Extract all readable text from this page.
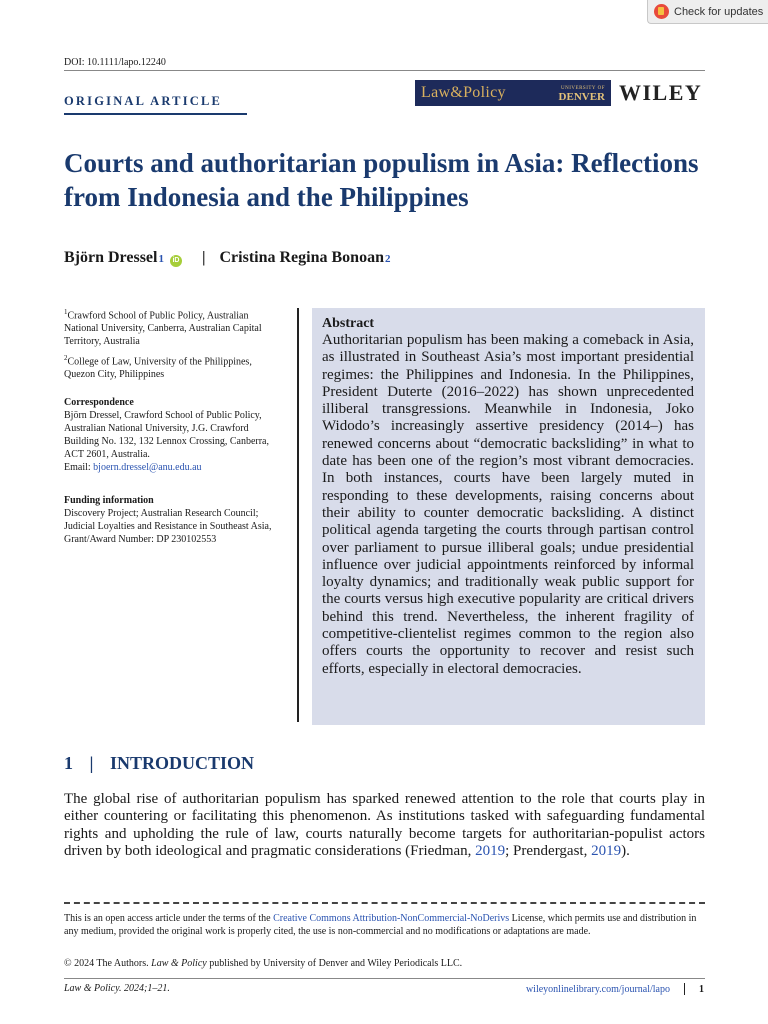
Check for updates
DOI: 10.1111/lapo.12240
ORIGINAL ARTICLE	Law&Policy	UNIVERSITY OF
DENVER WILEY
Courts and authoritarian populism in Asia: Reflections from Indonesia and the Philippines
Björn Dressel 1	iD | Cristina Regina Bonoan 2
$^1$Crawford School of Public Policy, Australian National University, Canberra, Australian Capital Territory, Australia
$^2$College of Law, University of the Philippines, Quezon City, Philippines
Correspondence
Björn Dressel, Crawford School of Public Policy, Australian National University, J.G. Crawford Building No. 132, 132 Lennox Crossing, Canberra, ACT 2601, Australia.
Email: bjoern.dressel@anu.edu.au
Funding information
Discovery Project; Australian Research Council; Judicial Loyalties and Resistance in Southeast Asia, Grant/Award Number: DP 230102553
Abstract
Authoritarian populism has been making a comeback in Asia, as illustrated in Southeast Asia’s most important presidential regimes: the Philippines and Indonesia. In the Philippines, President Duterte (2016–2022) has shown unprecedented illiberal transgressions. Meanwhile in Indonesia, Joko Widodo’s increasingly assertive presidency (2014–) has renewed concerns about “democratic backsliding” in what to date has been one of the region’s most vibrant democracies. In both instances, courts have been largely muted in responding to these developments, raising concerns about their ability to counter democratic backsliding. A distinct political agenda targeting the courts through partisan control over parliament to pursue illiberal goals; undue presidential influence over judicial appointments reinforced by informal loyalty dynamics; and traditionally weak public support for the courts versus high executive popularity are critical drivers behind this trend. Nevertheless, the inherent fragility of competitive-clientelist regimes common to the region also offers courts the opportunity to recover and resist such efforts, especially in electoral democracies.
1 | INTRODUCTION
The global rise of authoritarian populism has sparked renewed attention to the role that courts play in either countering or facilitating this phenomenon. As institutions tasked with safeguarding fundamental rights and upholding the rule of law, courts naturally become targets for authoritarian-populist actors driven by both ideological and pragmatic considerations (Friedman, 2019; Prendergast, 2019).
This is an open access article under the terms of the Creative Commons Attribution-NonCommercial-NoDerivs License, which permits use and distribution in any medium, provided the original work is properly cited, the use is non-commercial and no modifications or adaptations are made.
© 2024 The Authors. Law & Policy published by University of Denver and Wiley Periodicals LLC.
Law & Policy. 2024;1–21.	wileyonlinelibrary.com/journal/lapo	1
